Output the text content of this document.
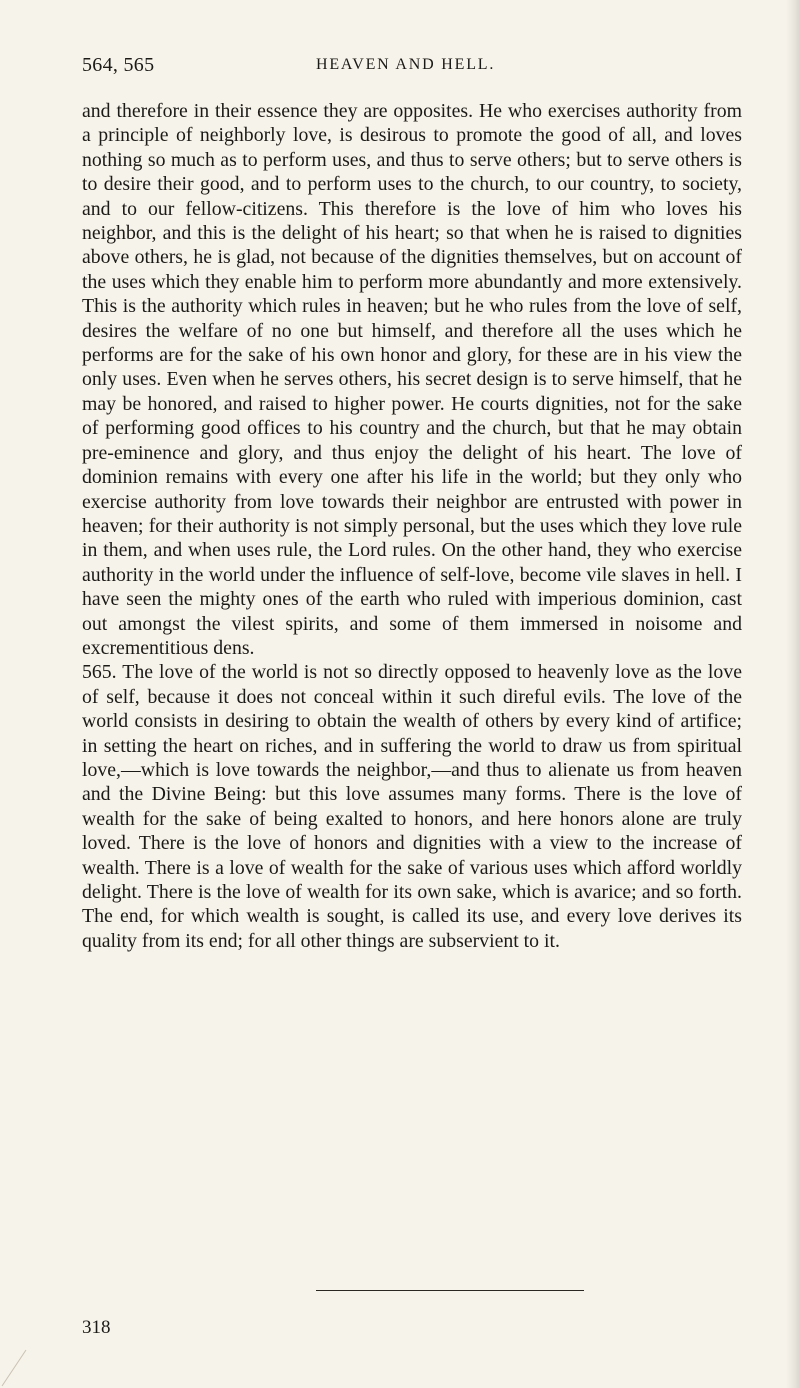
564, 565	HEAVEN AND HELL.

and therefore in their essence they are opposites. He who exercises authority from a principle of neighborly love, is desirous to promote the good of all, and loves nothing so much as to perform uses, and thus to serve others; but to serve others is to desire their good, and to perform uses to the church, to our country, to society, and to our fellow-citizens. This therefore is the love of him who loves his neighbor, and this is the delight of his heart; so that when he is raised to dignities above others, he is glad, not because of the dignities themselves, but on account of the uses which they enable him to perform more abundantly and more extensively. This is the authority which rules in heaven; but he who rules from the love of self, desires the welfare of no one but himself, and therefore all the uses which he performs are for the sake of his own honor and glory, for these are in his view the only uses. Even when he serves others, his secret design is to serve himself, that he may be honored, and raised to higher power. He courts dignities, not for the sake of performing good offices to his country and the church, but that he may obtain pre-eminence and glory, and thus enjoy the delight of his heart. The love of dominion remains with every one after his life in the world; but they only who exercise authority from love towards their neighbor are entrusted with power in heaven; for their authority is not simply personal, but the uses which they love rule in them, and when uses rule, the Lord rules. On the other hand, they who exercise authority in the world under the influence of self-love, become vile slaves in hell. I have seen the mighty ones of the earth who ruled with imperious dominion, cast out amongst the vilest spirits, and some of them immersed in noisome and excrementitious dens.

565. The love of the world is not so directly opposed to heavenly love as the love of self, because it does not conceal within it such direful evils. The love of the world consists in desiring to obtain the wealth of others by every kind of artifice; in setting the heart on riches, and in suffering the world to draw us from spiritual love,—which is love towards the neighbor,—and thus to alienate us from heaven and the Divine Being: but this love assumes many forms. There is the love of wealth for the sake of being exalted to honors, and here honors alone are truly loved. There is the love of honors and dignities with a view to the increase of wealth. There is a love of wealth for the sake of various uses which afford worldly delight. There is the love of wealth for its own sake, which is avarice; and so forth. The end, for which wealth is sought, is called its use, and every love derives its quality from its end; for all other things are subservient to it.

318
